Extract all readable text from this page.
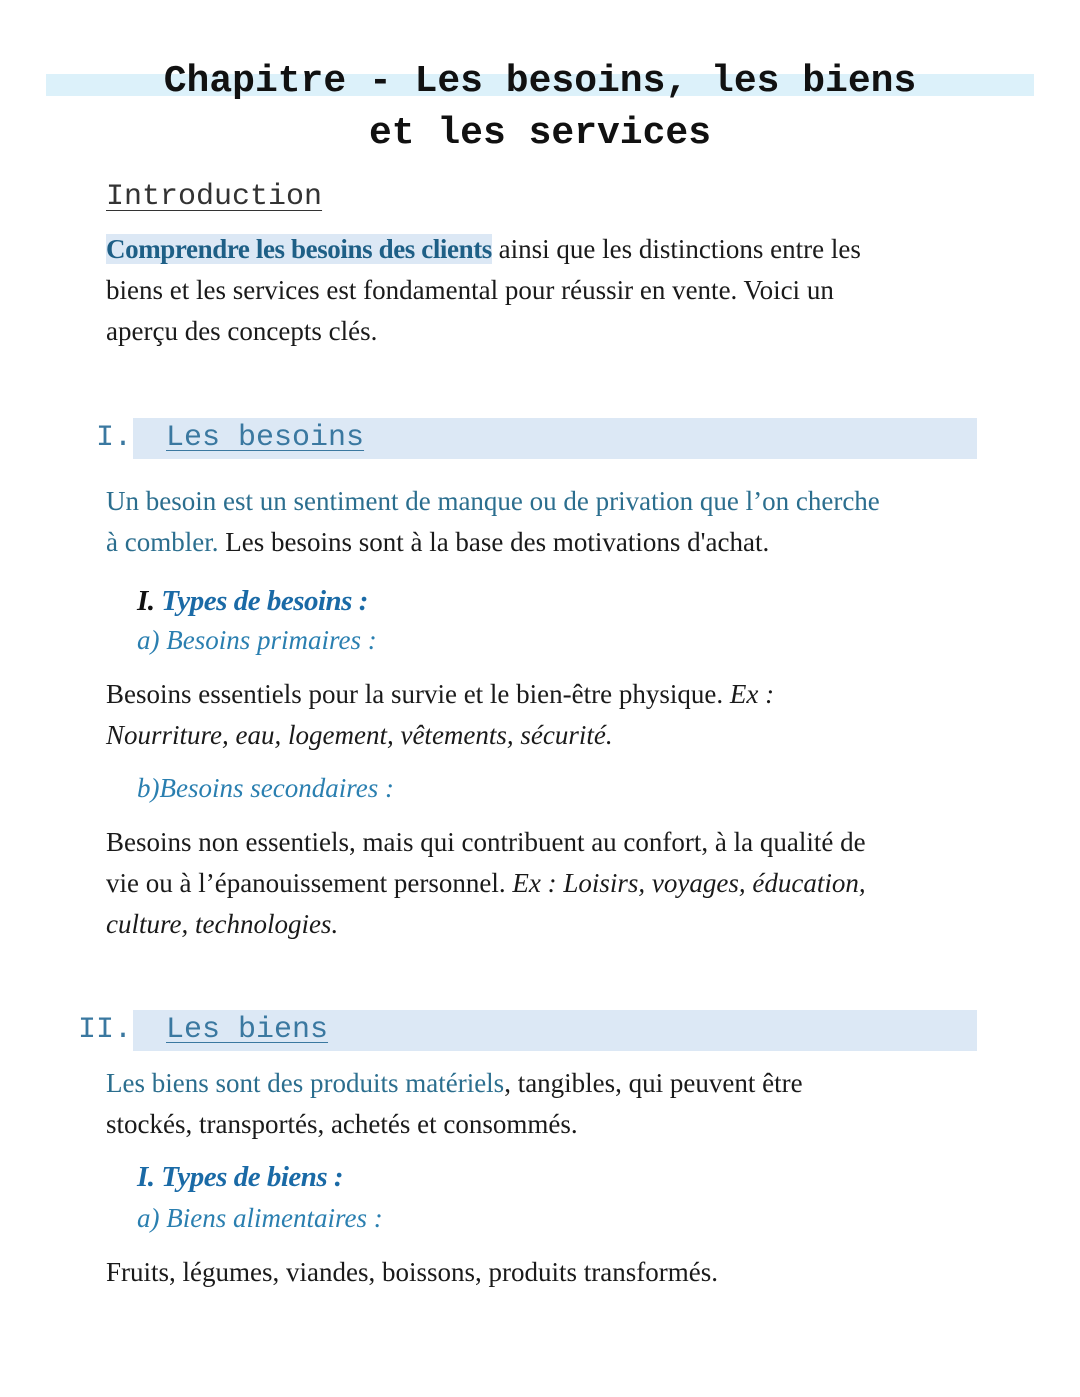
Chapitre - Les besoins, les biens
et les services
Introduction
Comprendre les besoins des clients ainsi que les distinctions entre les
biens et les services est fondamental pour réussir en vente. Voici un
aperçu des concepts clés.
I. Les besoins
Un besoin est un sentiment de manque ou de privation que l’on cherche
à combler. Les besoins sont à la base des motivations d'achat.
I. Types de besoins :
a) Besoins primaires :
Besoins essentiels pour la survie et le bien-être physique. Ex :
Nourriture, eau, logement, vêtements, sécurité.
b)Besoins secondaires :
Besoins non essentiels, mais qui contribuent au confort, à la qualité de
vie ou à l’épanouissement personnel. Ex : Loisirs, voyages, éducation,
culture, technologies.
II. Les biens
Les biens sont des produits matériels, tangibles, qui peuvent être
stockés, transportés, achetés et consommés.
I. Types de biens :
a) Biens alimentaires :
Fruits, légumes, viandes, boissons, produits transformés.
